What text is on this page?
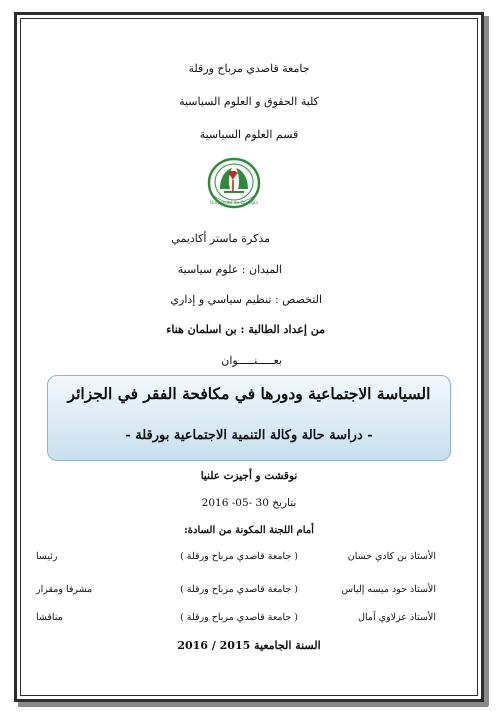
جامعة قاصدي مرباح ورقلة
كلية الحقوق و العلوم السياسية
قسم العلوم السياسية
Université de Ouargla
مذكرة ماستر أكاديمي
الميدان : علوم سياسية
التخصص : تنظيم سياسي و إداري
من إعداد الطالبة : بن اسلمان هناء
بعـــــنـــــوان
السياسة الاجتماعية ودورها في مكافحة الفقر في الجزائر
- دراسة حالة وكالة التنمية الاجتماعية بورقلة -
نوقشت و أجيزت علنيا
بتاريخ 30 -05- 2016
أمام اللجنة المكونة من السادة:
الأستاذ بن كادي حسان
( جامعة قاصدي مرباح ورقلة )
رئيسا
الأستاذ حود ميسه إلياس
( جامعة قاصدي مرباح ورقلة )
مشرفا ومقرار
الأستاذ عزلاوي آمال
( جامعة قاصدي مرباح ورقلة )
مناقشا
السنة الجامعية 2015 / 2016
